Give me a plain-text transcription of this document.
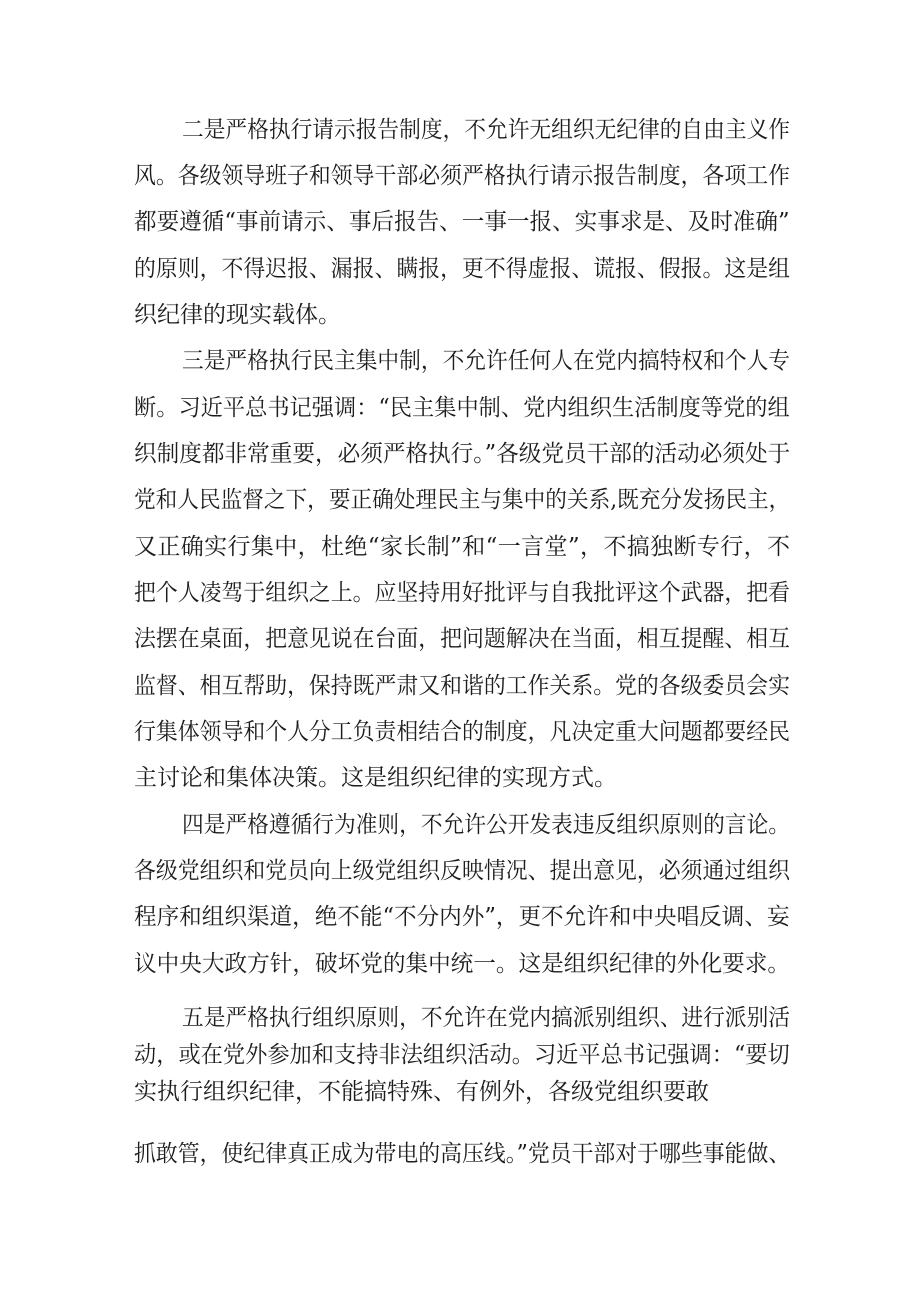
二是严格执行请示报告制度，不允许无组织无纪律的自由主义作
风。各级领导班子和领导干部必须严格执行请示报告制度，各项工作
都要遵循“事前请示、事后报告、一事一报、实事求是、及时准确”
的原则，不得迟报、漏报、瞒报，更不得虚报、谎报、假报。这是组
织纪律的现实载体。
三是严格执行民主集中制，不允许任何人在党内搞特权和个人专
断。习近平总书记强调：“民主集中制、党内组织生活制度等党的组
织制度都非常重要，必须严格执行。”各级党员干部的活动必须处于
党和人民监督之下，要正确处理民主与集中的关系,既充分发扬民主，
又正确实行集中，杜绝“家长制”和“一言堂”，不搞独断专行，不
把个人凌驾于组织之上。应坚持用好批评与自我批评这个武器，把看
法摆在桌面，把意见说在台面，把问题解决在当面，相互提醒、相互
监督、相互帮助，保持既严肃又和谐的工作关系。党的各级委员会实
行集体领导和个人分工负责相结合的制度，凡决定重大问题都要经民
主讨论和集体决策。这是组织纪律的实现方式。
四是严格遵循行为准则，不允许公开发表违反组织原则的言论。
各级党组织和党员向上级党组织反映情况、提出意见，必须通过组织
程序和组织渠道，绝不能“不分内外”，更不允许和中央唱反调、妄
议中央大政方针，破坏党的集中统一。这是组织纪律的外化要求。
五是严格执行组织原则，不允许在党内搞派别组织、进行派别活
动，或在党外参加和支持非法组织活动。习近平总书记强调：“要切
实执行组织纪律，不能搞特殊、有例外，各级党组织要敢
抓敢管，使纪律真正成为带电的高压线。”党员干部对于哪些事能做、
